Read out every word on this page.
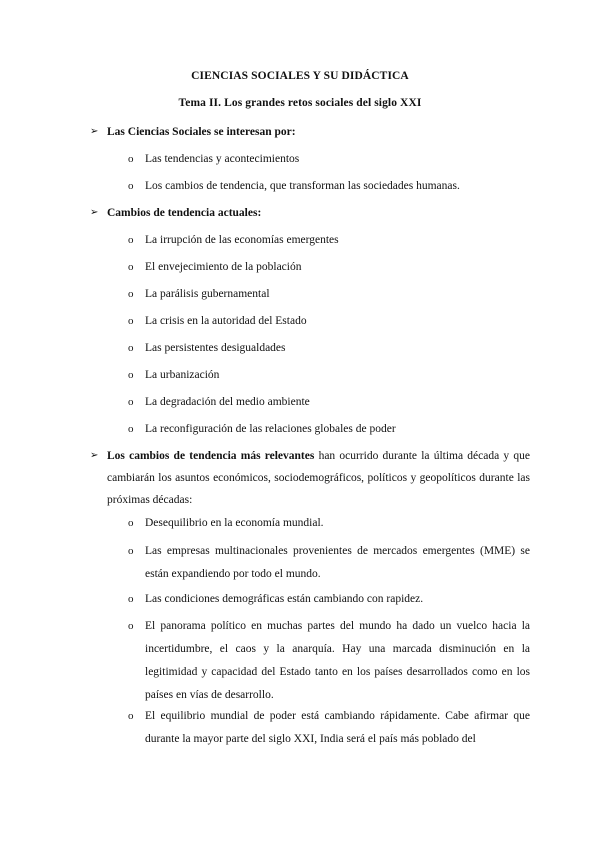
CIENCIAS SOCIALES Y SU DIDÁCTICA
Tema II. Los grandes retos sociales del siglo XXI
➢ Las Ciencias Sociales se interesan por:
o	Las tendencias y acontecimientos
o	Los cambios de tendencia, que transforman las sociedades humanas.
➢ Cambios de tendencia actuales:
o	La irrupción de las economías emergentes
o	El envejecimiento de la población
o	La parálisis gubernamental
o	La crisis en la autoridad del Estado
o	Las persistentes desigualdades
o	La urbanización
o	La degradación del medio ambiente
o	La reconfiguración de las relaciones globales de poder
➢ Los cambios de tendencia más relevantes han ocurrido durante la última década y que cambiarán los asuntos económicos, sociodemográficos, políticos y geopolíticos durante las próximas décadas:
o	Desequilibrio en la economía mundial.
o	Las empresas multinacionales provenientes de mercados emergentes (MME) se están expandiendo por todo el mundo.
o	Las condiciones demográficas están cambiando con rapidez.
o	El panorama político en muchas partes del mundo ha dado un vuelco hacia la incertidumbre, el caos y la anarquía. Hay una marcada disminución en la legitimidad y capacidad del Estado tanto en los países desarrollados como en los países en vías de desarrollo.
o	El equilibrio mundial de poder está cambiando rápidamente. Cabe afirmar que durante la mayor parte del siglo XXI, India será el país más poblado del
